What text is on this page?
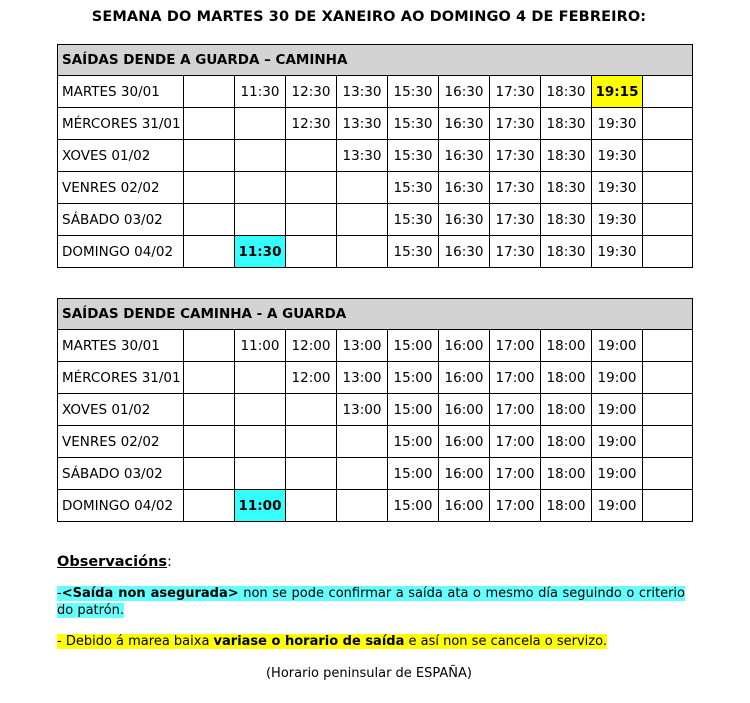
SEMANA DO MARTES 30 DE XANEIRO AO DOMINGO 4 DE FEBREIRO:
SAÍDAS DENDE A GUARDA – CAMINHA										
MARTES 30/01		11:30	12:30	13:30	15:30	16:30	17:30	18:30	19:15	
MÉRCORES 31/01			12:30	13:30	15:30	16:30	17:30	18:30	19:30	
XOVES 01/02				13:30	15:30	16:30	17:30	18:30	19:30	
VENRES 02/02					15:30	16:30	17:30	18:30	19:30	
SÁBADO 03/02					15:30	16:30	17:30	18:30	19:30	
DOMINGO 04/02		11:30			15:30	16:30	17:30	18:30	19:30	
SAÍDAS DENDE CAMINHA - A GUARDA										
MARTES 30/01		11:00	12:00	13:00	15:00	16:00	17:00	18:00	19:00	
MÉRCORES 31/01			12:00	13:00	15:00	16:00	17:00	18:00	19:00	
XOVES 01/02				13:00	15:00	16:00	17:00	18:00	19:00	
VENRES 02/02					15:00	16:00	17:00	18:00	19:00	
SÁBADO 03/02					15:00	16:00	17:00	18:00	19:00	
DOMINGO 04/02		11:00			15:00	16:00	17:00	18:00	19:00	
Observacións:
-<Saída non asegurada> non se pode confirmar a saída ata o mesmo día seguindo o criterio do patrón.
- Debido á marea baixa variase o horario de saída e así non se cancela o servizo.
(Horario peninsular de ESPAÑA)
